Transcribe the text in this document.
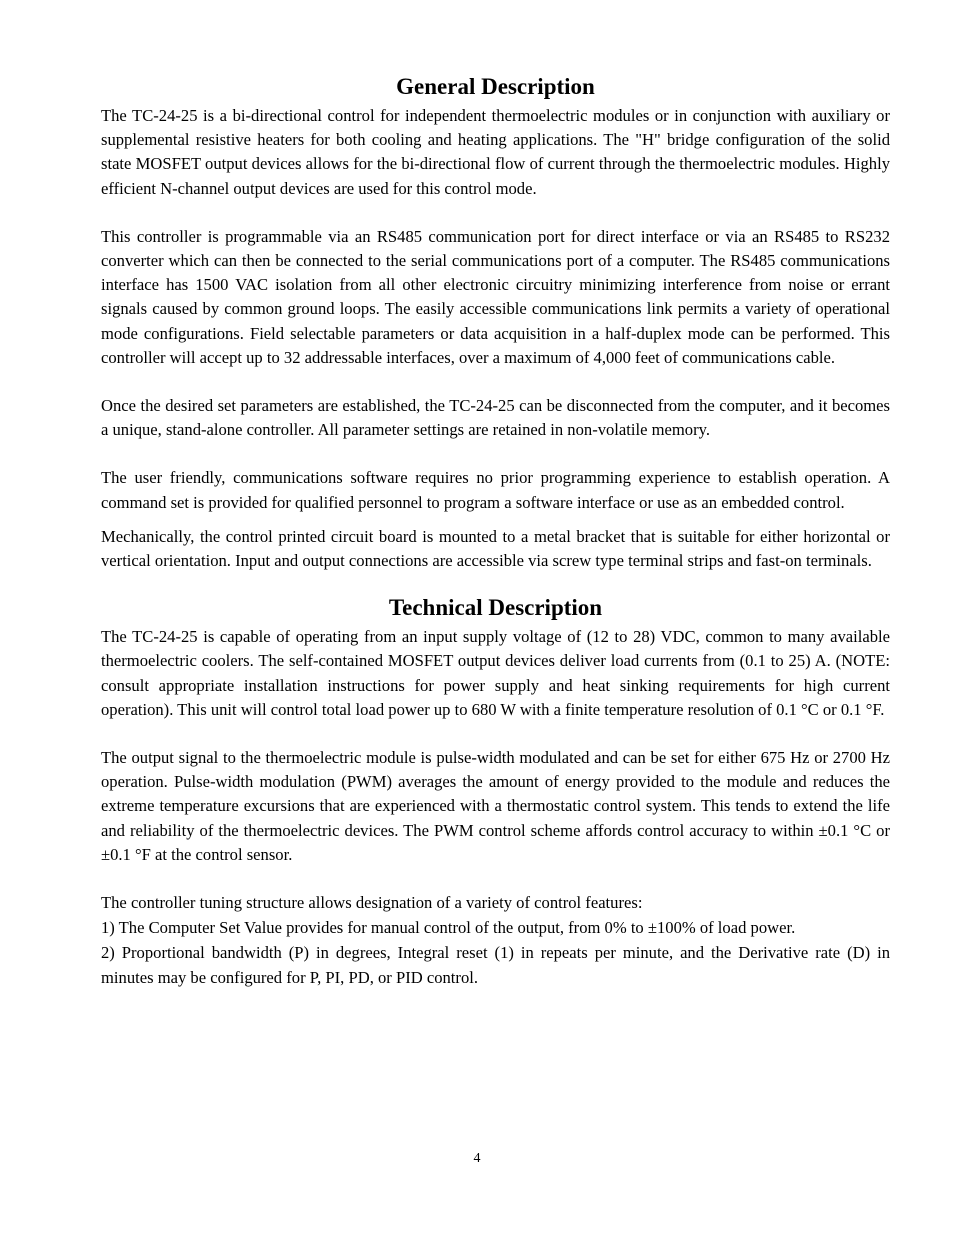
General Description

The TC-24-25 is a bi-directional control for independent thermoelectric modules or in conjunction with auxiliary or supplemental resistive heaters for both cooling and heating applications. The "H" bridge configuration of the solid state MOSFET output devices allows for the bi-directional flow of current through the thermoelectric modules. Highly efficient N-channel output devices are used for this control mode.

This controller is programmable via an RS485 communication port for direct interface or via an RS485 to RS232 converter which can then be connected to the serial communications port of a computer. The RS485 communications interface has 1500 VAC isolation from all other electronic circuitry minimizing interference from noise or errant signals caused by common ground loops. The easily accessible communications link permits a variety of operational mode configurations. Field selectable parameters or data acquisition in a half-duplex mode can be performed. This controller will accept up to 32 addressable interfaces, over a maximum of 4,000 feet of communications cable.

Once the desired set parameters are established, the TC-24-25 can be disconnected from the computer, and it becomes a unique, stand-alone controller. All parameter settings are retained in non-volatile memory.

The user friendly, communications software requires no prior programming experience to establish operation. A command set is provided for qualified personnel to program a software interface or use as an embedded control.

Mechanically, the control printed circuit board is mounted to a metal bracket that is suitable for either horizontal or vertical orientation. Input and output connections are accessible via screw type terminal strips and fast-on terminals.

Technical Description

The TC-24-25 is capable of operating from an input supply voltage of (12 to 28) VDC, common to many available thermoelectric coolers. The self-contained MOSFET output devices deliver load currents from (0.1 to 25) A. (NOTE: consult appropriate installation instructions for power supply and heat sinking requirements for high current operation). This unit will control total load power up to 680 W with a finite temperature resolution of 0.1 °C or 0.1 °F.

The output signal to the thermoelectric module is pulse-width modulated and can be set for either 675 Hz or 2700 Hz operation. Pulse-width modulation (PWM) averages the amount of energy provided to the module and reduces the extreme temperature excursions that are experienced with a thermostatic control system. This tends to extend the life and reliability of the thermoelectric devices. The PWM control scheme affords control accuracy to within ±0.1 °C or ±0.1 °F at the control sensor.

The controller tuning structure allows designation of a variety of control features:

1) The Computer Set Value provides for manual control of the output, from 0% to ±100% of load power.
2) Proportional bandwidth (P) in degrees, Integral reset (1) in repeats per minute, and the Derivative rate (D) in minutes may be configured for P, PI, PD, or PID control.
4
